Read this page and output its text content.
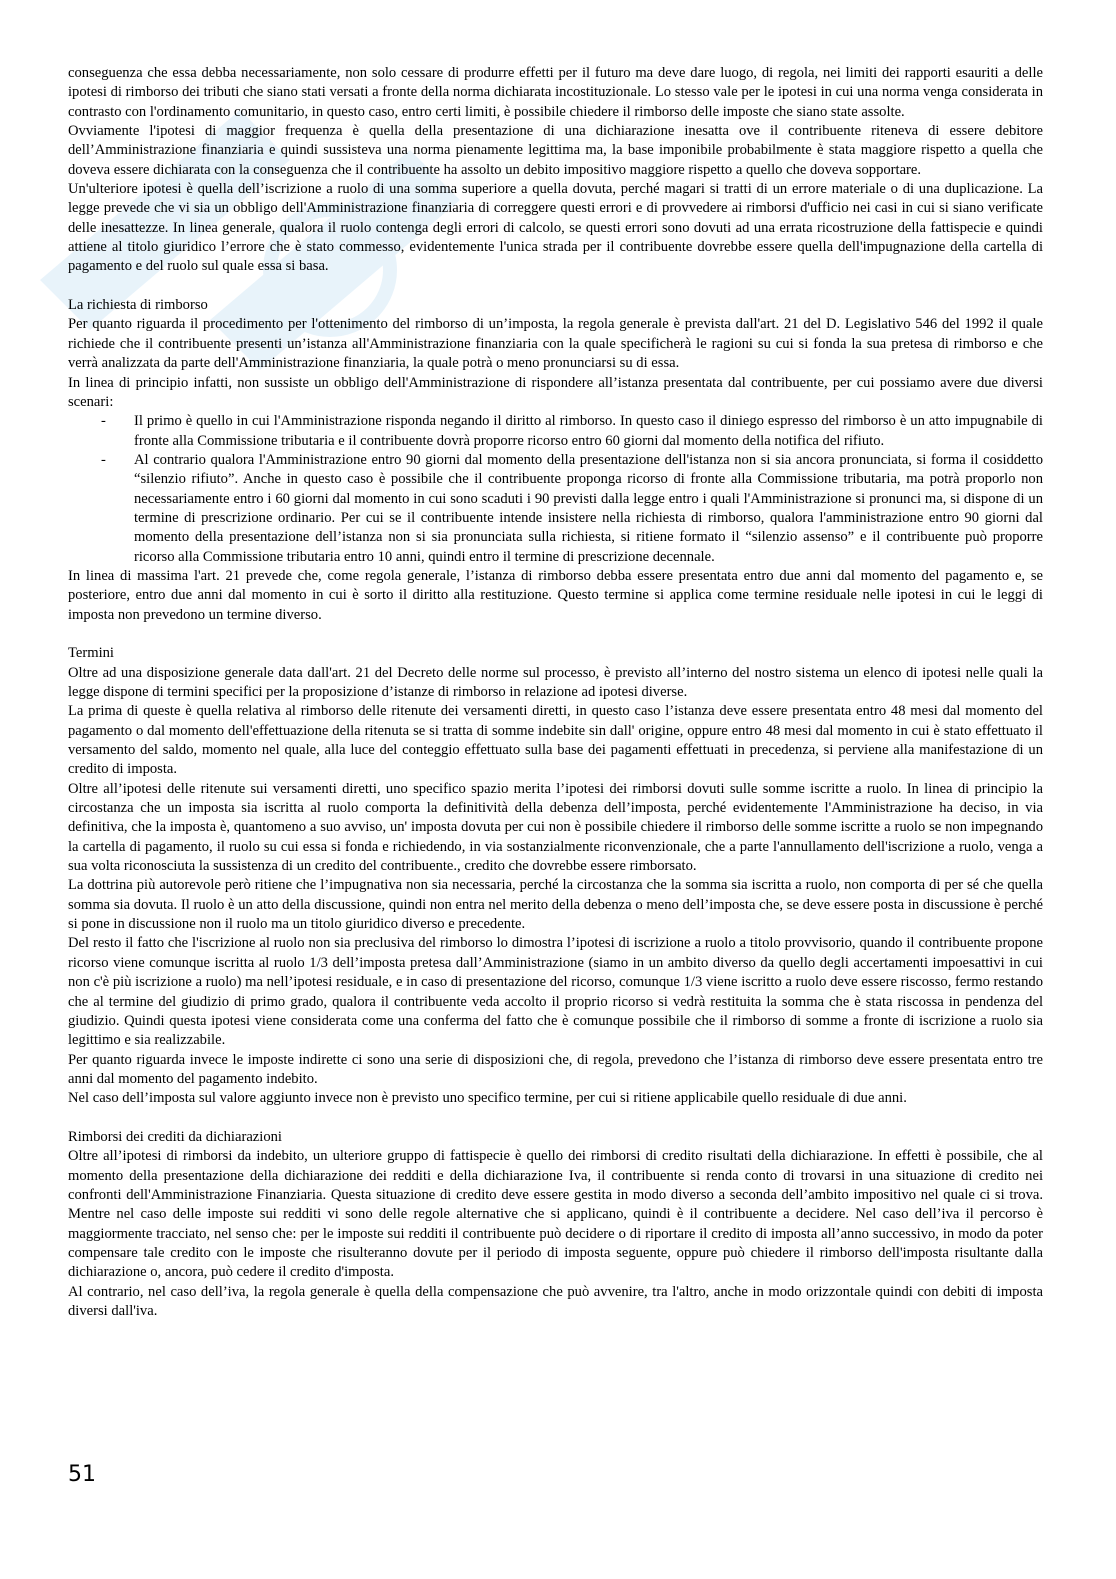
conseguenza che essa debba necessariamente, non solo cessare di produrre effetti per il futuro ma deve dare luogo, di regola, nei limiti dei rapporti esauriti a delle ipotesi di rimborso dei tributi che siano stati versati a fronte della norma dichiarata incostituzionale. Lo stesso vale per le ipotesi in cui una norma venga considerata in contrasto con l'ordinamento comunitario, in questo caso, entro certi limiti, è possibile chiedere il rimborso delle imposte che siano state assolte.

Ovviamente l'ipotesi di maggior frequenza è quella della presentazione di una dichiarazione inesatta ove il contribuente riteneva di essere debitore dell’Amministrazione finanziaria e quindi sussisteva una norma pienamente legittima ma, la base imponibile probabilmente è stata maggiore rispetto a quella che doveva essere dichiarata con la conseguenza che il contribuente ha assolto un debito impositivo maggiore rispetto a quello che doveva sopportare.

Un'ulteriore ipotesi è quella dell’iscrizione a ruolo di una somma superiore a quella dovuta, perché magari si tratti di un errore materiale o di una duplicazione. La legge prevede che vi sia un obbligo dell'Amministrazione finanziaria di correggere questi errori e di provvedere ai rimborsi d'ufficio nei casi in cui si siano verificate delle inesattezze. In linea generale, qualora il ruolo contenga degli errori di calcolo, se questi errori sono dovuti ad una errata ricostruzione della fattispecie e quindi attiene al titolo giuridico l’errore che è stato commesso, evidentemente l'unica strada per il contribuente dovrebbe essere quella dell'impugnazione della cartella di pagamento e del ruolo sul quale essa si basa.

La richiesta di rimborso

Per quanto riguarda il procedimento per l'ottenimento del rimborso di un’imposta, la regola generale è prevista dall'art. 21 del D. Legislativo 546 del 1992 il quale richiede che il contribuente presenti un’istanza all'Amministrazione finanziaria con la quale specificherà le ragioni su cui si fonda la sua pretesa di rimborso e che verrà analizzata da parte dell'Amministrazione finanziaria, la quale potrà o meno pronunciarsi su di essa.

In linea di principio infatti, non sussiste un obbligo dell'Amministrazione di rispondere all’istanza presentata dal contribuente, per cui possiamo avere due diversi scenari:

- Il primo è quello in cui l'Amministrazione risponda negando il diritto al rimborso. In questo caso il diniego espresso del rimborso è un atto impugnabile di fronte alla Commissione tributaria e il contribuente dovrà proporre ricorso entro 60 giorni dal momento della notifica del rifiuto.
- Al contrario qualora l'Amministrazione entro 90 giorni dal momento della presentazione dell'istanza non si sia ancora pronunciata, si forma il cosiddetto “silenzio rifiuto”. Anche in questo caso è possibile che il contribuente proponga ricorso di fronte alla Commissione tributaria, ma potrà proporlo non necessariamente entro i 60 giorni dal momento in cui sono scaduti i 90 previsti dalla legge entro i quali l'Amministrazione si pronunci ma, si dispone di un termine di prescrizione ordinario. Per cui se il contribuente intende insistere nella richiesta di rimborso, qualora l'amministrazione entro 90 giorni dal momento della presentazione dell’istanza non si sia pronunciata sulla richiesta, si ritiene formato il “silenzio assenso” e il contribuente può proporre ricorso alla Commissione tributaria entro 10 anni, quindi entro il termine di prescrizione decennale.

In linea di massima l'art. 21 prevede che, come regola generale, l’istanza di rimborso debba essere presentata entro due anni dal momento del pagamento e, se posteriore, entro due anni dal momento in cui è sorto il diritto alla restituzione. Questo termine si applica come termine residuale nelle ipotesi in cui le leggi di imposta non prevedono un termine diverso.

Termini

Oltre ad una disposizione generale data dall'art. 21 del Decreto delle norme sul processo, è previsto all’interno del nostro sistema un elenco di ipotesi nelle quali la legge dispone di termini specifici per la proposizione d’istanze di rimborso in relazione ad ipotesi diverse.

La prima di queste è quella relativa al rimborso delle ritenute dei versamenti diretti, in questo caso l’istanza deve essere presentata entro 48 mesi dal momento del pagamento o dal momento dell'effettuazione della ritenuta se si tratta di somme indebite sin dall' origine, oppure entro 48 mesi dal momento in cui è stato effettuato il versamento del saldo, momento nel quale, alla luce del conteggio effettuato sulla base dei pagamenti effettuati in precedenza, si perviene alla manifestazione di un credito di imposta.

Oltre all’ipotesi delle ritenute sui versamenti diretti, uno specifico spazio merita l’ipotesi dei rimborsi dovuti sulle somme iscritte a ruolo. In linea di principio la circostanza che un imposta sia iscritta al ruolo comporta la definitività della debenza dell’imposta, perché evidentemente l'Amministrazione ha deciso, in via definitiva, che la imposta è, quantomeno a suo avviso, un' imposta dovuta per cui non è possibile chiedere il rimborso delle somme iscritte a ruolo se non impegnando la cartella di pagamento, il ruolo su cui essa si fonda e richiedendo, in via sostanzialmente riconvenzionale, che a parte l'annullamento dell'iscrizione a ruolo, venga a sua volta riconosciuta la sussistenza di un credito del contribuente., credito che dovrebbe essere rimborsato.

La dottrina più autorevole però ritiene che l’impugnativa non sia necessaria, perché la circostanza che la somma sia iscritta a ruolo, non comporta di per sé che quella somma sia dovuta. Il ruolo è un atto della discussione, quindi non entra nel merito della debenza o meno dell’imposta che, se deve essere posta in discussione è perché si pone in discussione non il ruolo ma un titolo giuridico diverso e precedente.

Del resto il fatto che l'iscrizione al ruolo non sia preclusiva del rimborso lo dimostra l’ipotesi di iscrizione a ruolo a titolo provvisorio, quando il contribuente propone ricorso viene comunque iscritta al ruolo 1/3 dell’imposta pretesa dall’Amministrazione (siamo in un ambito diverso da quello degli accertamenti impoesattivi in cui non c'è più iscrizione a ruolo) ma nell’ipotesi residuale, e in caso di presentazione del ricorso, comunque 1/3 viene iscritto a ruolo deve essere riscosso, fermo restando che al termine del giudizio di primo grado, qualora il contribuente veda accolto il proprio ricorso si vedrà restituita la somma che è stata riscossa in pendenza del giudizio. Quindi questa ipotesi viene considerata come una conferma del fatto che è comunque possibile che il rimborso di somme a fronte di iscrizione a ruolo sia legittimo e sia realizzabile.

Per quanto riguarda invece le imposte indirette ci sono una serie di disposizioni che, di regola, prevedono che l’istanza di rimborso deve essere presentata entro tre anni dal momento del pagamento indebito.

Nel caso dell’imposta sul valore aggiunto invece non è previsto uno specifico termine, per cui si ritiene applicabile quello residuale di due anni.

Rimborsi dei crediti da dichiarazioni

Oltre all’ipotesi di rimborsi da indebito, un ulteriore gruppo di fattispecie è quello dei rimborsi di credito risultati della dichiarazione. In effetti è possibile, che al momento della presentazione della dichiarazione dei redditi e della dichiarazione Iva, il contribuente si renda conto di trovarsi in una situazione di credito nei confronti dell'Amministrazione Finanziaria. Questa situazione di credito deve essere gestita in modo diverso a seconda dell’ambito impositivo nel quale ci si trova. Mentre nel caso delle imposte sui redditi vi sono delle regole alternative che si applicano, quindi è il contribuente a decidere. Nel caso dell’iva il percorso è maggiormente tracciato, nel senso che: per le imposte sui redditi il contribuente può decidere o di riportare il credito di imposta all’anno successivo, in modo da poter compensare tale credito con le imposte che risulteranno dovute per il periodo di imposta seguente, oppure può chiedere il rimborso dell'imposta risultante dalla dichiarazione o, ancora, può cedere il credito d'imposta.

Al contrario, nel caso dell’iva, la regola generale è quella della compensazione che può avvenire, tra l'altro, anche in modo orizzontale quindi con debiti di imposta diversi dall'iva.

51
